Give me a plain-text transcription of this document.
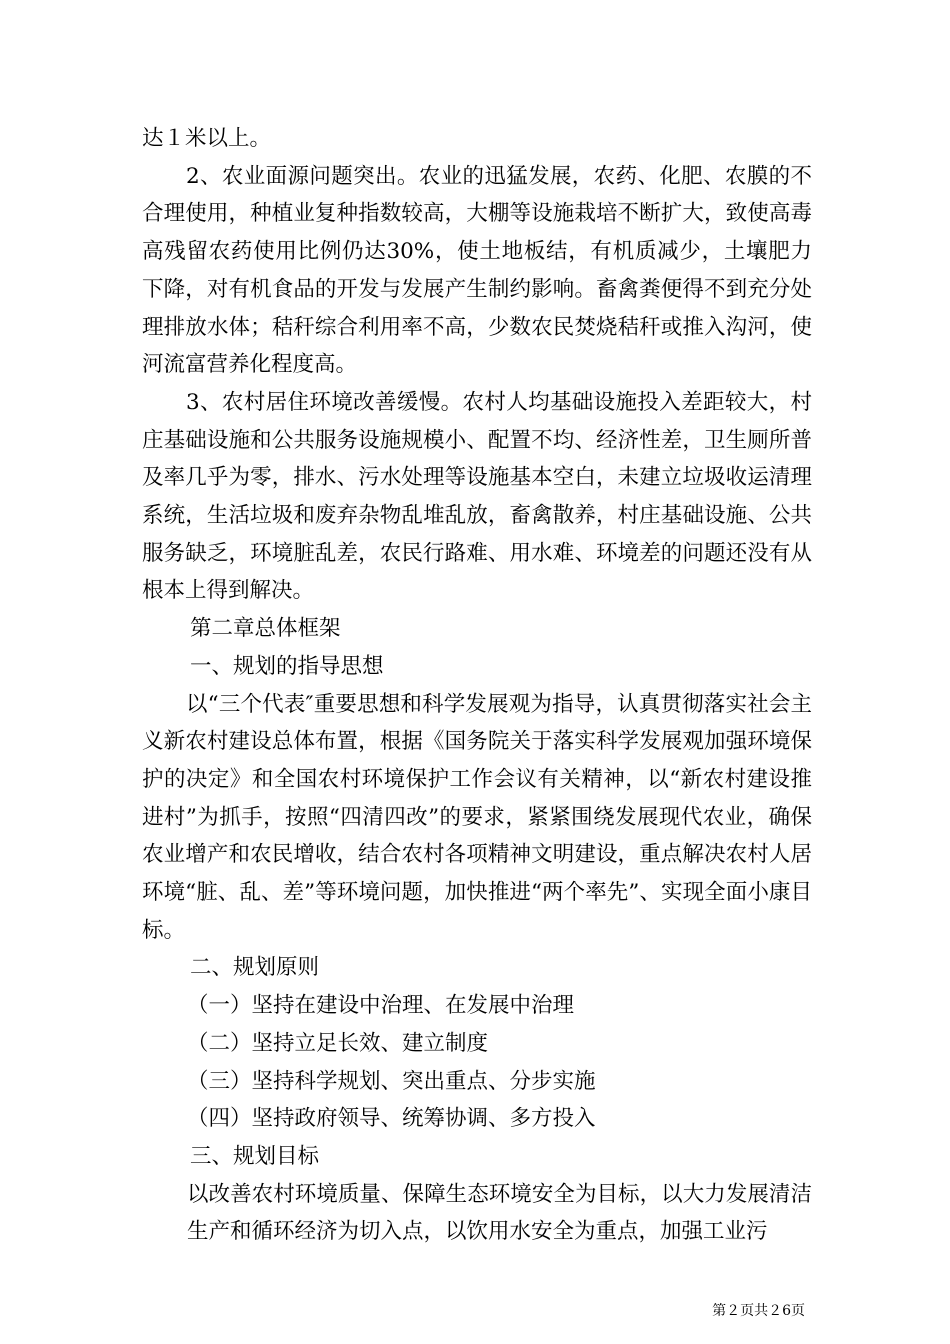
达１米以上。

2、农业面源问题突出。农业的迅猛发展，农药、化肥、农膜的不合理使用，种植业复种指数较高，大棚等设施栽培不断扩大，致使高毒高残留农药使用比例仍达30%，使土地板结，有机质减少，土壤肥力下降，对有机食品的开发与发展产生制约影响。畜禽粪便得不到充分处理排放水体；秸秆综合利用率不高，少数农民焚烧秸秆或推入沟河，使河流富营养化程度高。

3、农村居住环境改善缓慢。农村人均基础设施投入差距较大，村庄基础设施和公共服务设施规模小、配置不均、经济性差，卫生厕所普及率几乎为零，排水、污水处理等设施基本空白，未建立垃圾收运清理系统，生活垃圾和废弃杂物乱堆乱放，畜禽散养，村庄基础设施、公共服务缺乏，环境脏乱差，农民行路难、用水难、环境差的问题还没有从根本上得到解决。

第二章总体框架

一、规划的指导思想

以“三个代表″重要思想和科学发展观为指导，认真贯彻落实社会主义新农村建设总体布置，根据《国务院关于落实科学发展观加强环境保护的决定》和全国农村环境保护工作会议有关精神，以“新农村建设推进村”为抓手，按照“四清四改”的要求，紧紧围绕发展现代农业，确保农业增产和农民增收，结合农村各项精神文明建设，重点解决农村人居环境“脏、乱、差”等环境问题，加快推进“两个率先”、实现全面小康目标。

二、规划原则

（一）坚持在建设中治理、在发展中治理

（二）坚持立足长效、建立制度

（三）坚持科学规划、突出重点、分步实施

（四）坚持政府领导、统筹协调、多方投入

三、规划目标

以改善农村环境质量、保障生态环境安全为目标，以大力发展清洁生产和循环经济为切入点，以饮用水安全为重点，加强工业污

第２页共２6页
